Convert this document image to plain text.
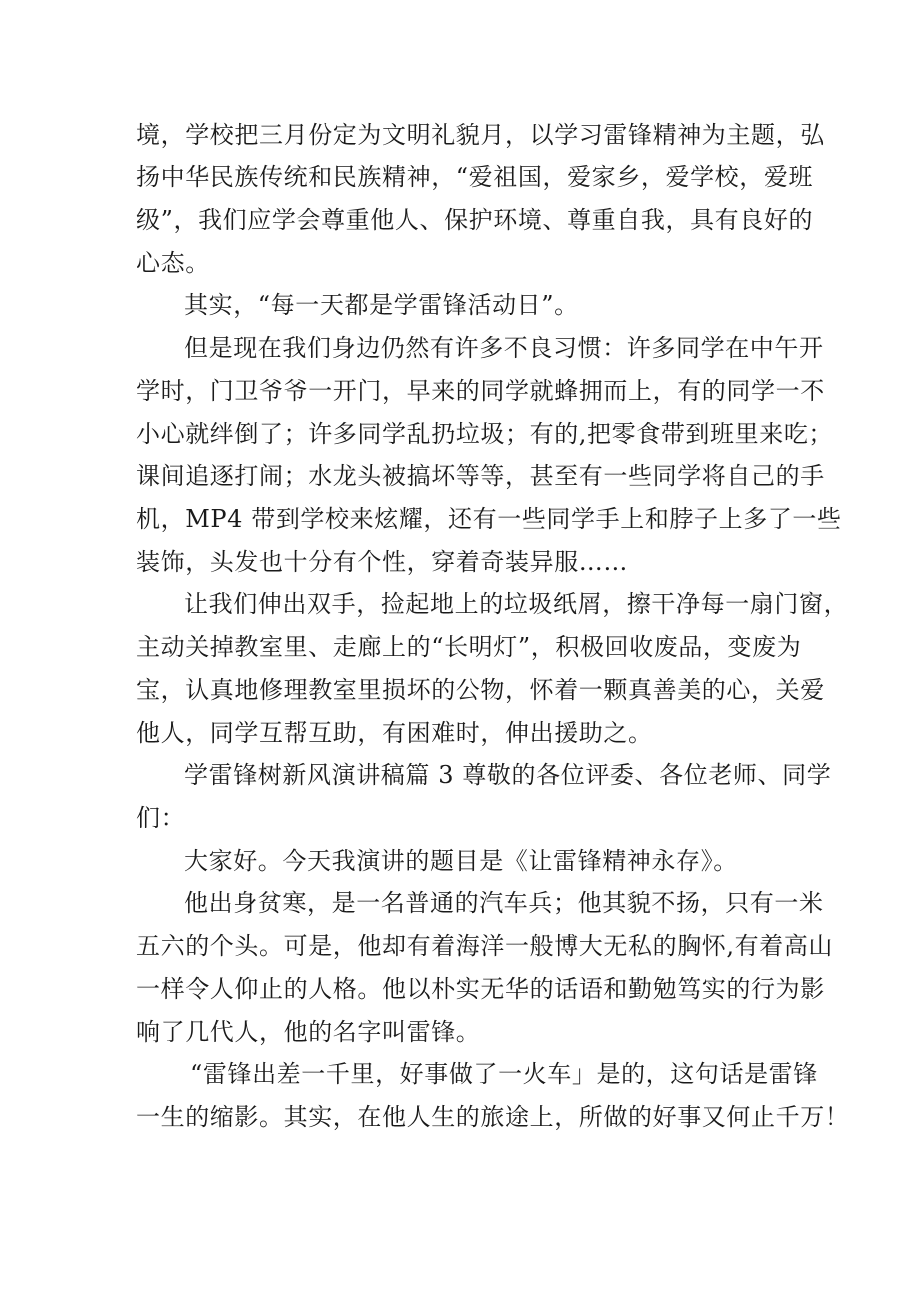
境，学校把三月份定为文明礼貌月，以学习雷锋精神为主题，弘
扬中华民族传统和民族精神，“爱祖国，爱家乡，爱学校，爱班
级”，我们应学会尊重他人、保护环境、尊重自我，具有良好的
心态。
其实，“每一天都是学雷锋活动日”。
但是现在我们身边仍然有许多不良习惯：许多同学在中午开
学时，门卫爷爷一开门，早来的同学就蜂拥而上，有的同学一不
小心就绊倒了；许多同学乱扔垃圾；有的,把零食带到班里来吃；
课间追逐打闹；水龙头被搞坏等等，甚至有一些同学将自己的手
机，MP4 带到学校来炫耀，还有一些同学手上和脖子上多了一些
装饰，头发也十分有个性，穿着奇装异服……
让我们伸出双手，捡起地上的垃圾纸屑，擦干净每一扇门窗，
主动关掉教室里、走廊上的“长明灯”，积极回收废品，变废为
宝，认真地修理教室里损坏的公物，怀着一颗真善美的心，关爱
他人，同学互帮互助，有困难时，伸出援助之。
学雷锋树新风演讲稿篇 3 尊敬的各位评委、各位老师、同学
们：
大家好。今天我演讲的题目是《让雷锋精神永存》。
他出身贫寒，是一名普通的汽车兵；他其貌不扬，只有一米
五六的个头。可是，他却有着海洋一般博大无私的胸怀,有着高山
一样令人仰止的人格。他以朴实无华的话语和勤勉笃实的行为影
响了几代人，他的名字叫雷锋。
“雷锋出差一千里，好事做了一火车」是的，这句话是雷锋
一生的缩影。其实，在他人生的旅途上，所做的好事又何止千万！
